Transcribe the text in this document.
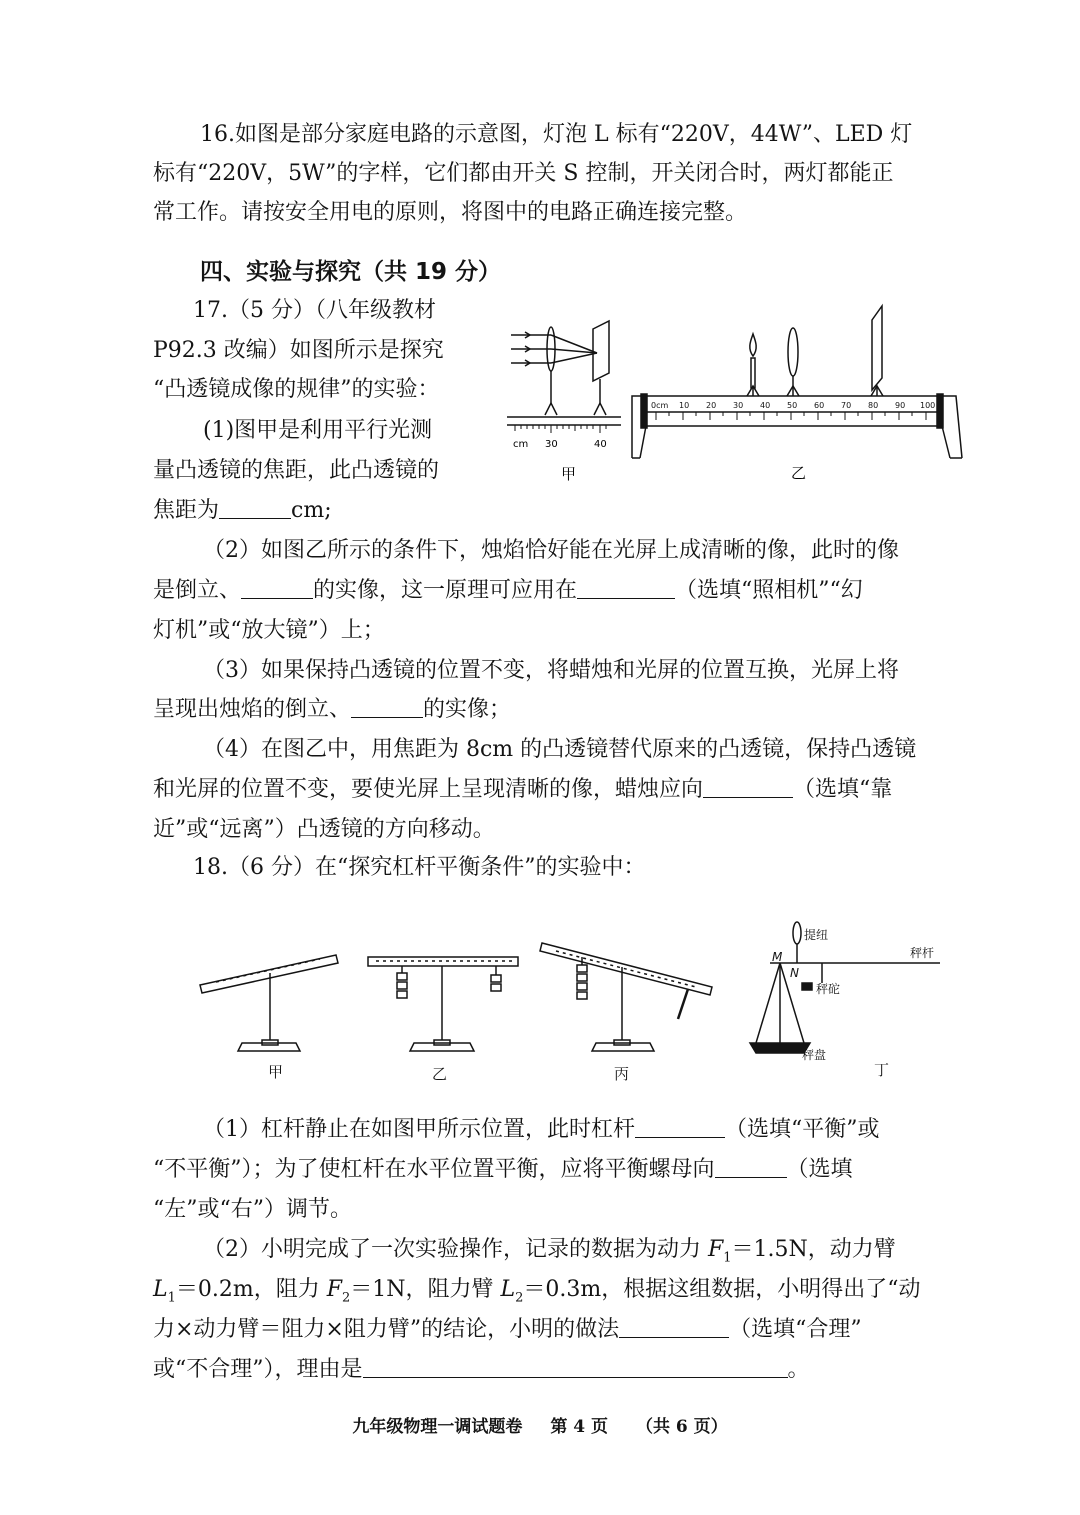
16.如图是部分家庭电路的示意图，灯泡 L 标有“220V，44W”、LED 灯
标有“220V，5W”的字样，它们都由开关 S 控制，开关闭合时，两灯都能正
常工作。请按安全用电的原则，将图中的电路正确连接完整。
四、实验与探究（共 19 分）
17.（5 分）（八年级教材
P92.3 改编）如图所示是探究
“凸透镜成像的规律”的实验：
(1)图甲是利用平行光测
量凸透镜的焦距，此凸透镜的
焦距为	cm;
cm 30	40
甲
0cm 10 20 30 40 50 60 70 80 90 100
乙
（2）如图乙所示的条件下，烛焰恰好能在光屏上成清晰的像，此时的像
是倒立、	的实像，这一原理可应用在	（选填“照相机”“幻
灯机”或“放大镜”）上；
（3）如果保持凸透镜的位置不变，将蜡烛和光屏的位置互换，光屏上将
呈现出烛焰的倒立、	的实像；
（4）在图乙中，用焦距为 8cm 的凸透镜替代原来的凸透镜，保持凸透镜
和光屏的位置不变，要使光屏上呈现清晰的像，蜡烛应向	（选填“靠
近”或“远离”）凸透镜的方向移动。
18.（6 分）在“探究杠杆平衡条件”的实验中：
M
N
提纽
秤杆
秤砣
秤盘
甲	乙	丙	丁
（1）杠杆静止在如图甲所示位置，此时杠杆	（选填“平衡”或
“不平衡”）；为了使杠杆在水平位置平衡，应将平衡螺母向	（选填
“左”或“右”）调节。
（2）小明完成了一次实验操作，记录的数据为动力 $F_1=1.5N$，动力臂
$L_1=0.2m$，阻力 $F_2=1N$，阻力臂 $L_2=0.3m$，根据这组数据，小明得出了“动
力×动力臂＝阻力×阻力臂”的结论，小明的做法	（选填“合理”
或“不合理”），理由是	。
九年级物理一调试题卷 第 4 页 （共 6 页）
